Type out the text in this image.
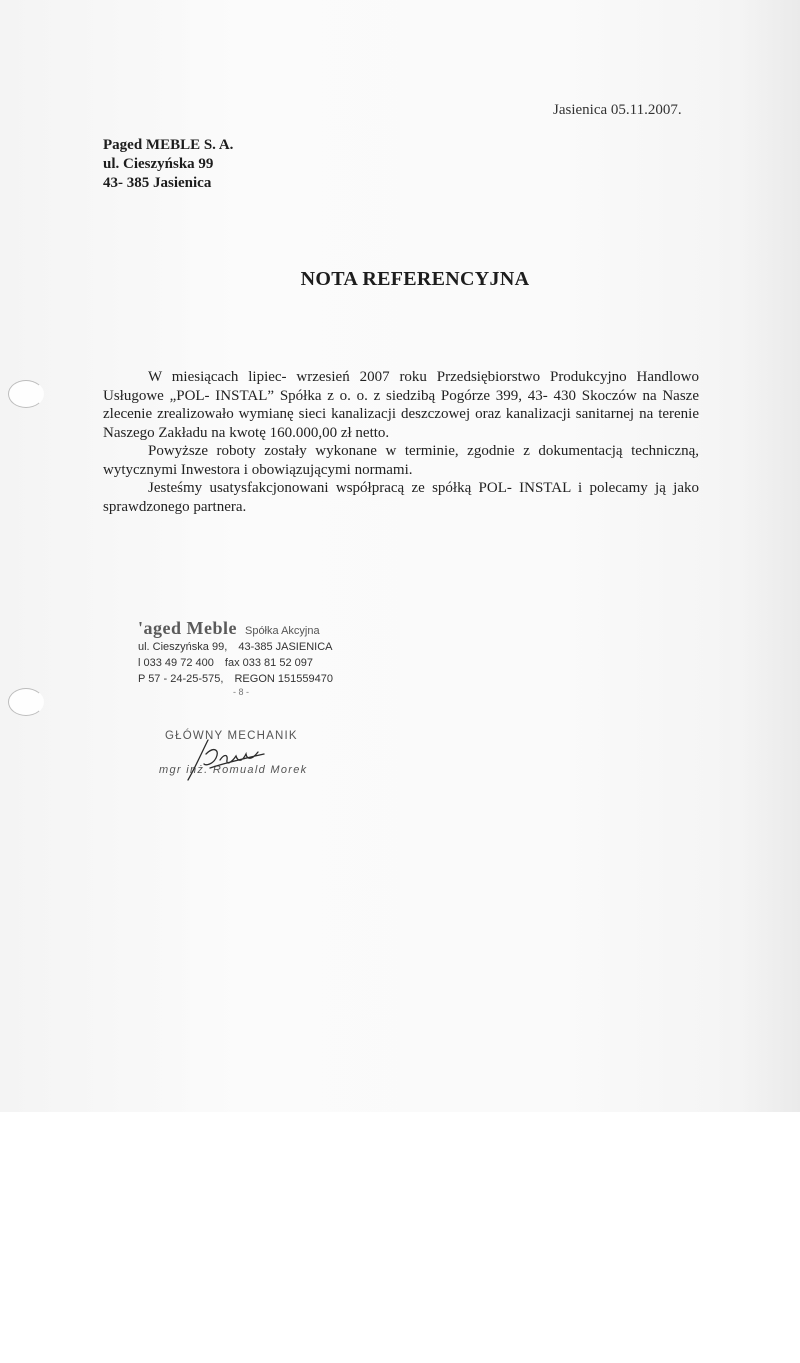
Jasienica 05.11.2007.
Paged MEBLE S. A.
ul. Cieszyńska 99
43- 385 Jasienica
NOTA REFERENCYJNA

W miesiącach lipiec- wrzesień 2007 roku Przedsiębiorstwo Produkcyjno Handlowo Usługowe „POL- INSTAL” Spółka z o. o. z siedzibą Pogórze 399, 43- 430 Skoczów na Nasze zlecenie zrealizowało wymianę sieci kanalizacji deszczowej oraz kanalizacji sanitarnej na terenie Naszego Zakładu na kwotę 160.000,00 zł netto.

Powyższe roboty zostały wykonane w terminie, zgodnie z dokumentacją techniczną, wytycznymi Inwestora i obowiązującymi normami.

Jesteśmy usatysfakcjonowani współpracą ze spółką POL- INSTAL i polecamy ją jako sprawdzonego partnera.

'aged Meble Spółka Akcyjna
ul. Cieszyńska 99, 43-385 JASIENICA
l 033 49 72 400 fax 033 81 52 097
P 57 - 24-25-575, REGON 151559470
- 8 -
GŁÓWNY MECHANIK
mgr inż. Romuald Morek
